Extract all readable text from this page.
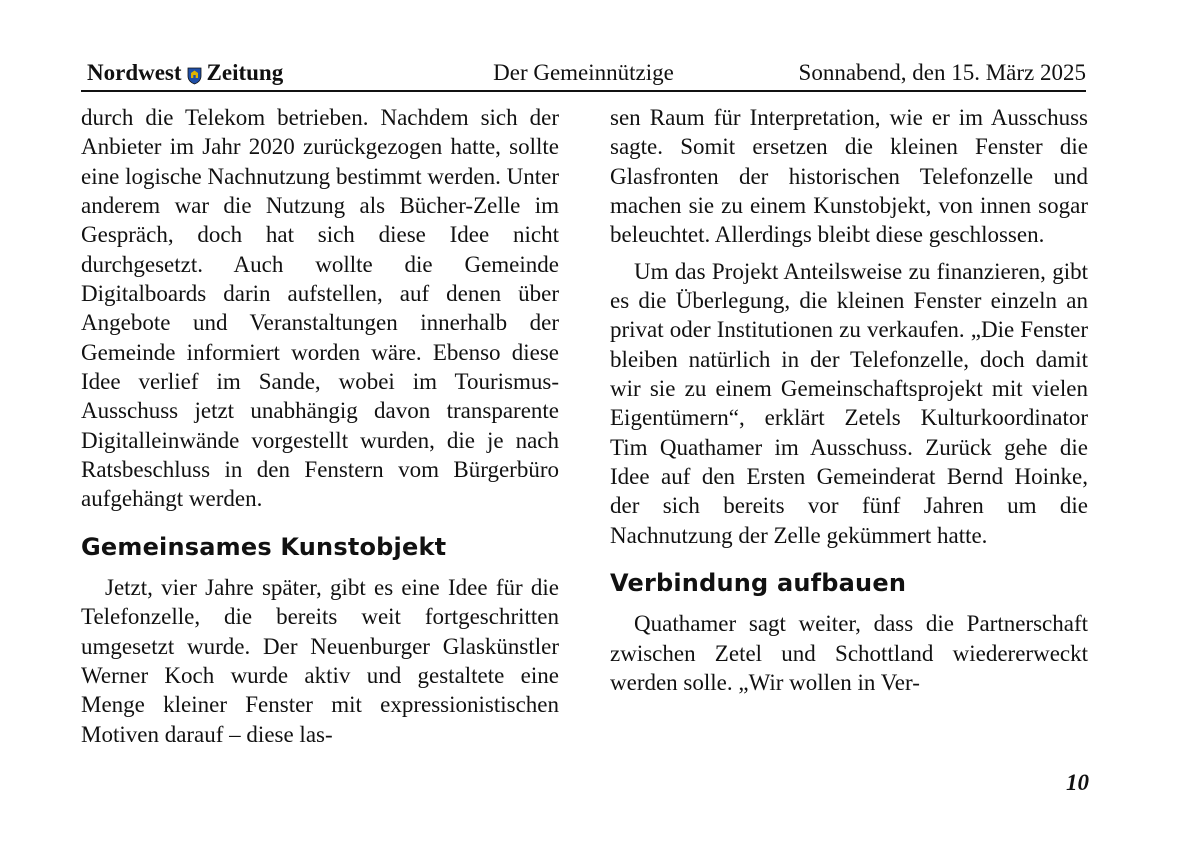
Nordwest Zeitung	Der Gemeinnützige	Sonnabend, den 15. März 2025

durch die Telekom betrieben. Nachdem sich der Anbieter im Jahr 2020 zurückgezogen hatte, sollte eine logische Nachnutzung bestimmt werden. Unter anderem war die Nutzung als Bücher-Zelle im Gespräch, doch hat sich diese Idee nicht durchgesetzt. Auch wollte die Gemeinde Digitalboards darin aufstellen, auf denen über Angebote und Veranstaltungen innerhalb der Gemeinde informiert worden wäre. Ebenso diese Idee verlief im Sande, wobei im Tourismus-Ausschuss jetzt unabhängig davon transparente Digitalleinwände vorgestellt wurden, die je nach Ratsbeschluss in den Fenstern vom Bürgerbüro aufgehängt werden.

Gemeinsames Kunstobjekt

Jetzt, vier Jahre später, gibt es eine Idee für die Telefonzelle, die bereits weit fortgeschritten umgesetzt wurde. Der Neuenburger Glaskünstler Werner Koch wurde aktiv und gestaltete eine Menge kleiner Fenster mit expressionistischen Motiven darauf – diese las-

sen Raum für Interpretation, wie er im Ausschuss sagte. Somit ersetzen die kleinen Fenster die Glasfronten der historischen Telefonzelle und machen sie zu einem Kunstobjekt, von innen sogar beleuchtet. Allerdings bleibt diese geschlossen.

Um das Projekt Anteilsweise zu finanzieren, gibt es die Überlegung, die kleinen Fenster einzeln an privat oder Institutionen zu verkaufen. „Die Fenster bleiben natürlich in der Telefonzelle, doch damit wir sie zu einem Gemeinschaftsprojekt mit vielen Eigentümern“, erklärt Zetels Kulturkoordinator Tim Quathamer im Ausschuss. Zurück gehe die Idee auf den Ersten Gemeinderat Bernd Hoinke, der sich bereits vor fünf Jahren um die Nachnutzung der Zelle gekümmert hatte.

Verbindung aufbauen

Quathamer sagt weiter, dass die Partnerschaft zwischen Zetel und Schottland wiedererweckt werden solle. „Wir wollen in Ver-

10
